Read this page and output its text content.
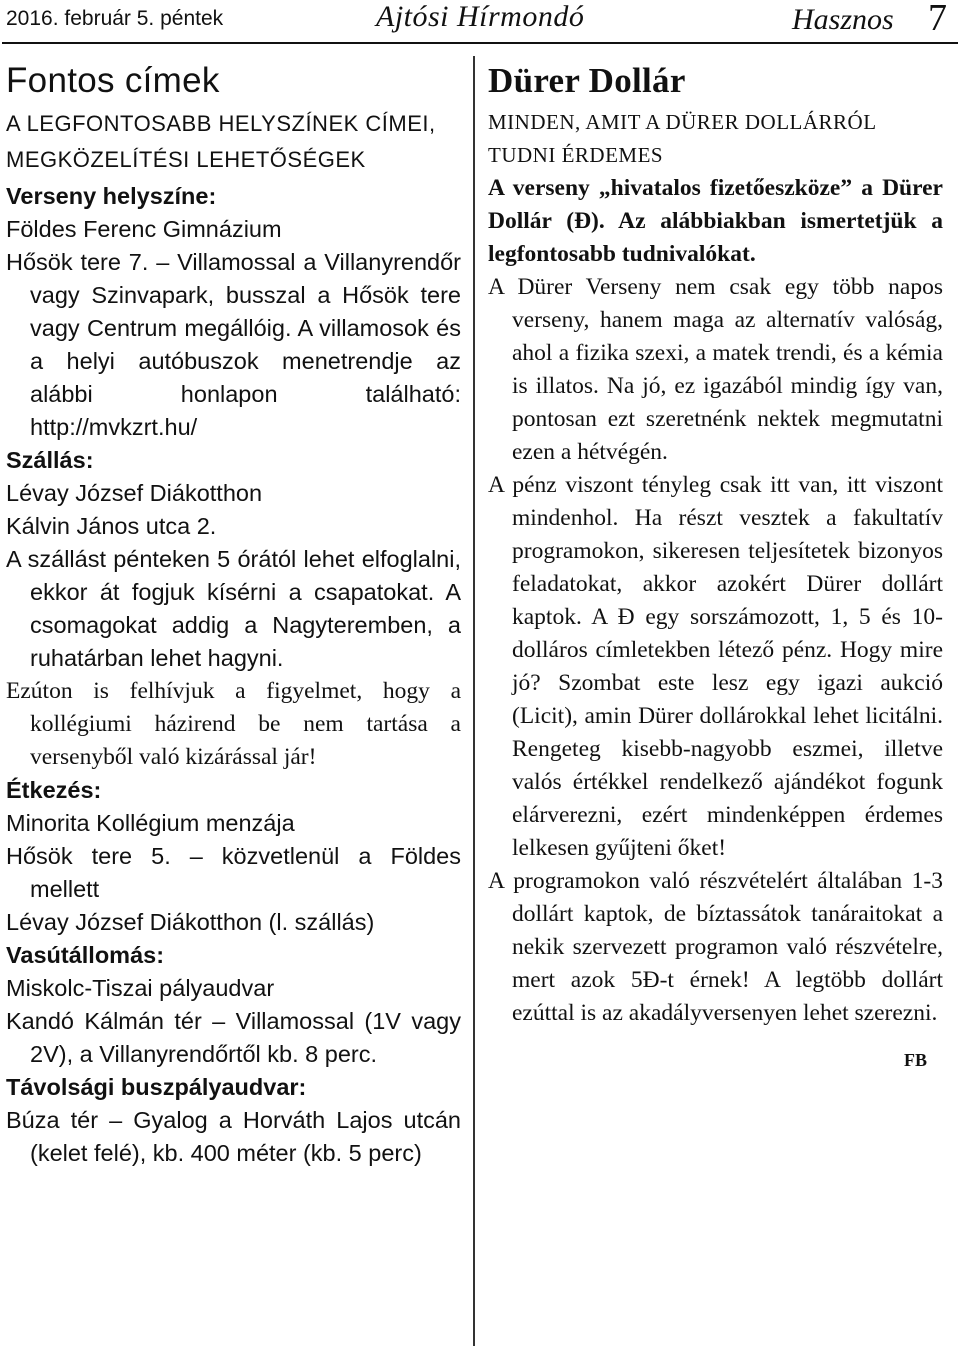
2016. február 5. péntek	Ajtósi Hírmondó	Hasznos 7
Fontos címek
A LEGFONTOSABB HELYSZÍNEK CÍMEI, MEGKÖZELÍTÉSI LEHETŐSÉGEK
Verseny helyszíne:
Földes Ferenc Gimnázium

Hősök tere 7. – Villamossal a Villanyrendőr vagy Szinvapark, busszal a Hősök tere vagy Centrum megállóig. A villamosok és a helyi autóbuszok menetrendje az alábbi honlapon található: http://mvkzrt.hu/

Szállás:
Lévay József Diákotthon
Kálvin János utca 2.

A szállást pénteken 5 órától lehet elfoglalni, ekkor át fogjuk kísérni a csapatokat. A csomagokat addig a Nagyteremben, a ruhatárban lehet hagyni.

Ezúton is felhívjuk a figyelmet, hogy a kollégiumi házirend be nem tartása a versenyből való kizárással jár!

Étkezés:
Minorita Kollégium menzája

Hősök tere 5. – közvetlenül a Földes mellett

Lévay József Diákotthon (l. szállás)
Vasútállomás:
Miskolc-Tiszai pályaudvar

Kandó Kálmán tér – Villamossal (1V vagy 2V), a Villanyrendőrtől kb. 8 perc.

Távolsági buszpályaudvar:

Búza tér – Gyalog a Horváth Lajos utcán (kelet felé), kb. 400 méter (kb. 5 perc)

Dürer Dollár
MINDEN, AMIT A DÜRER DOLLÁRRÓL TUDNI ÉRDEMES

A verseny „hivatalos fizetőeszköze” a Dürer Dollár (Đ). Az alábbiakban ismertetjük a legfontosabb tudnivalókat.

A Dürer Verseny nem csak egy több napos verseny, hanem maga az alternatív valóság, ahol a fizika szexi, a matek trendi, és a kémia is illatos. Na jó, ez igazából mindig így van, pontosan ezt szeretnénk nektek megmutatni ezen a hétvégén.

A pénz viszont tényleg csak itt van, itt viszont mindenhol. Ha részt vesztek a fakultatív programokon, sikeresen teljesítetek bizonyos feladatokat, akkor azokért Dürer dollárt kaptok. A Đ egy sorszámozott, 1, 5 és 10-dolláros címletekben létező pénz. Hogy mire jó? Szombat este lesz egy igazi aukció (Licit), amin Dürer dollárokkal lehet licitálni. Rengeteg kisebb-nagyobb eszmei, illetve valós értékkel rendelkező ajándékot fogunk elárverezni, ezért mindenképpen érdemes lelkesen gyűjteni őket!

A programokon való részvételért általában 1-3 dollárt kaptok, de bíztassátok tanáraitokat a nekik szervezett programon való részvételre, mert azok 5Đ-t érnek! A legtöbb dollárt ezúttal is az akadályversenyen lehet szerezni.

FB
